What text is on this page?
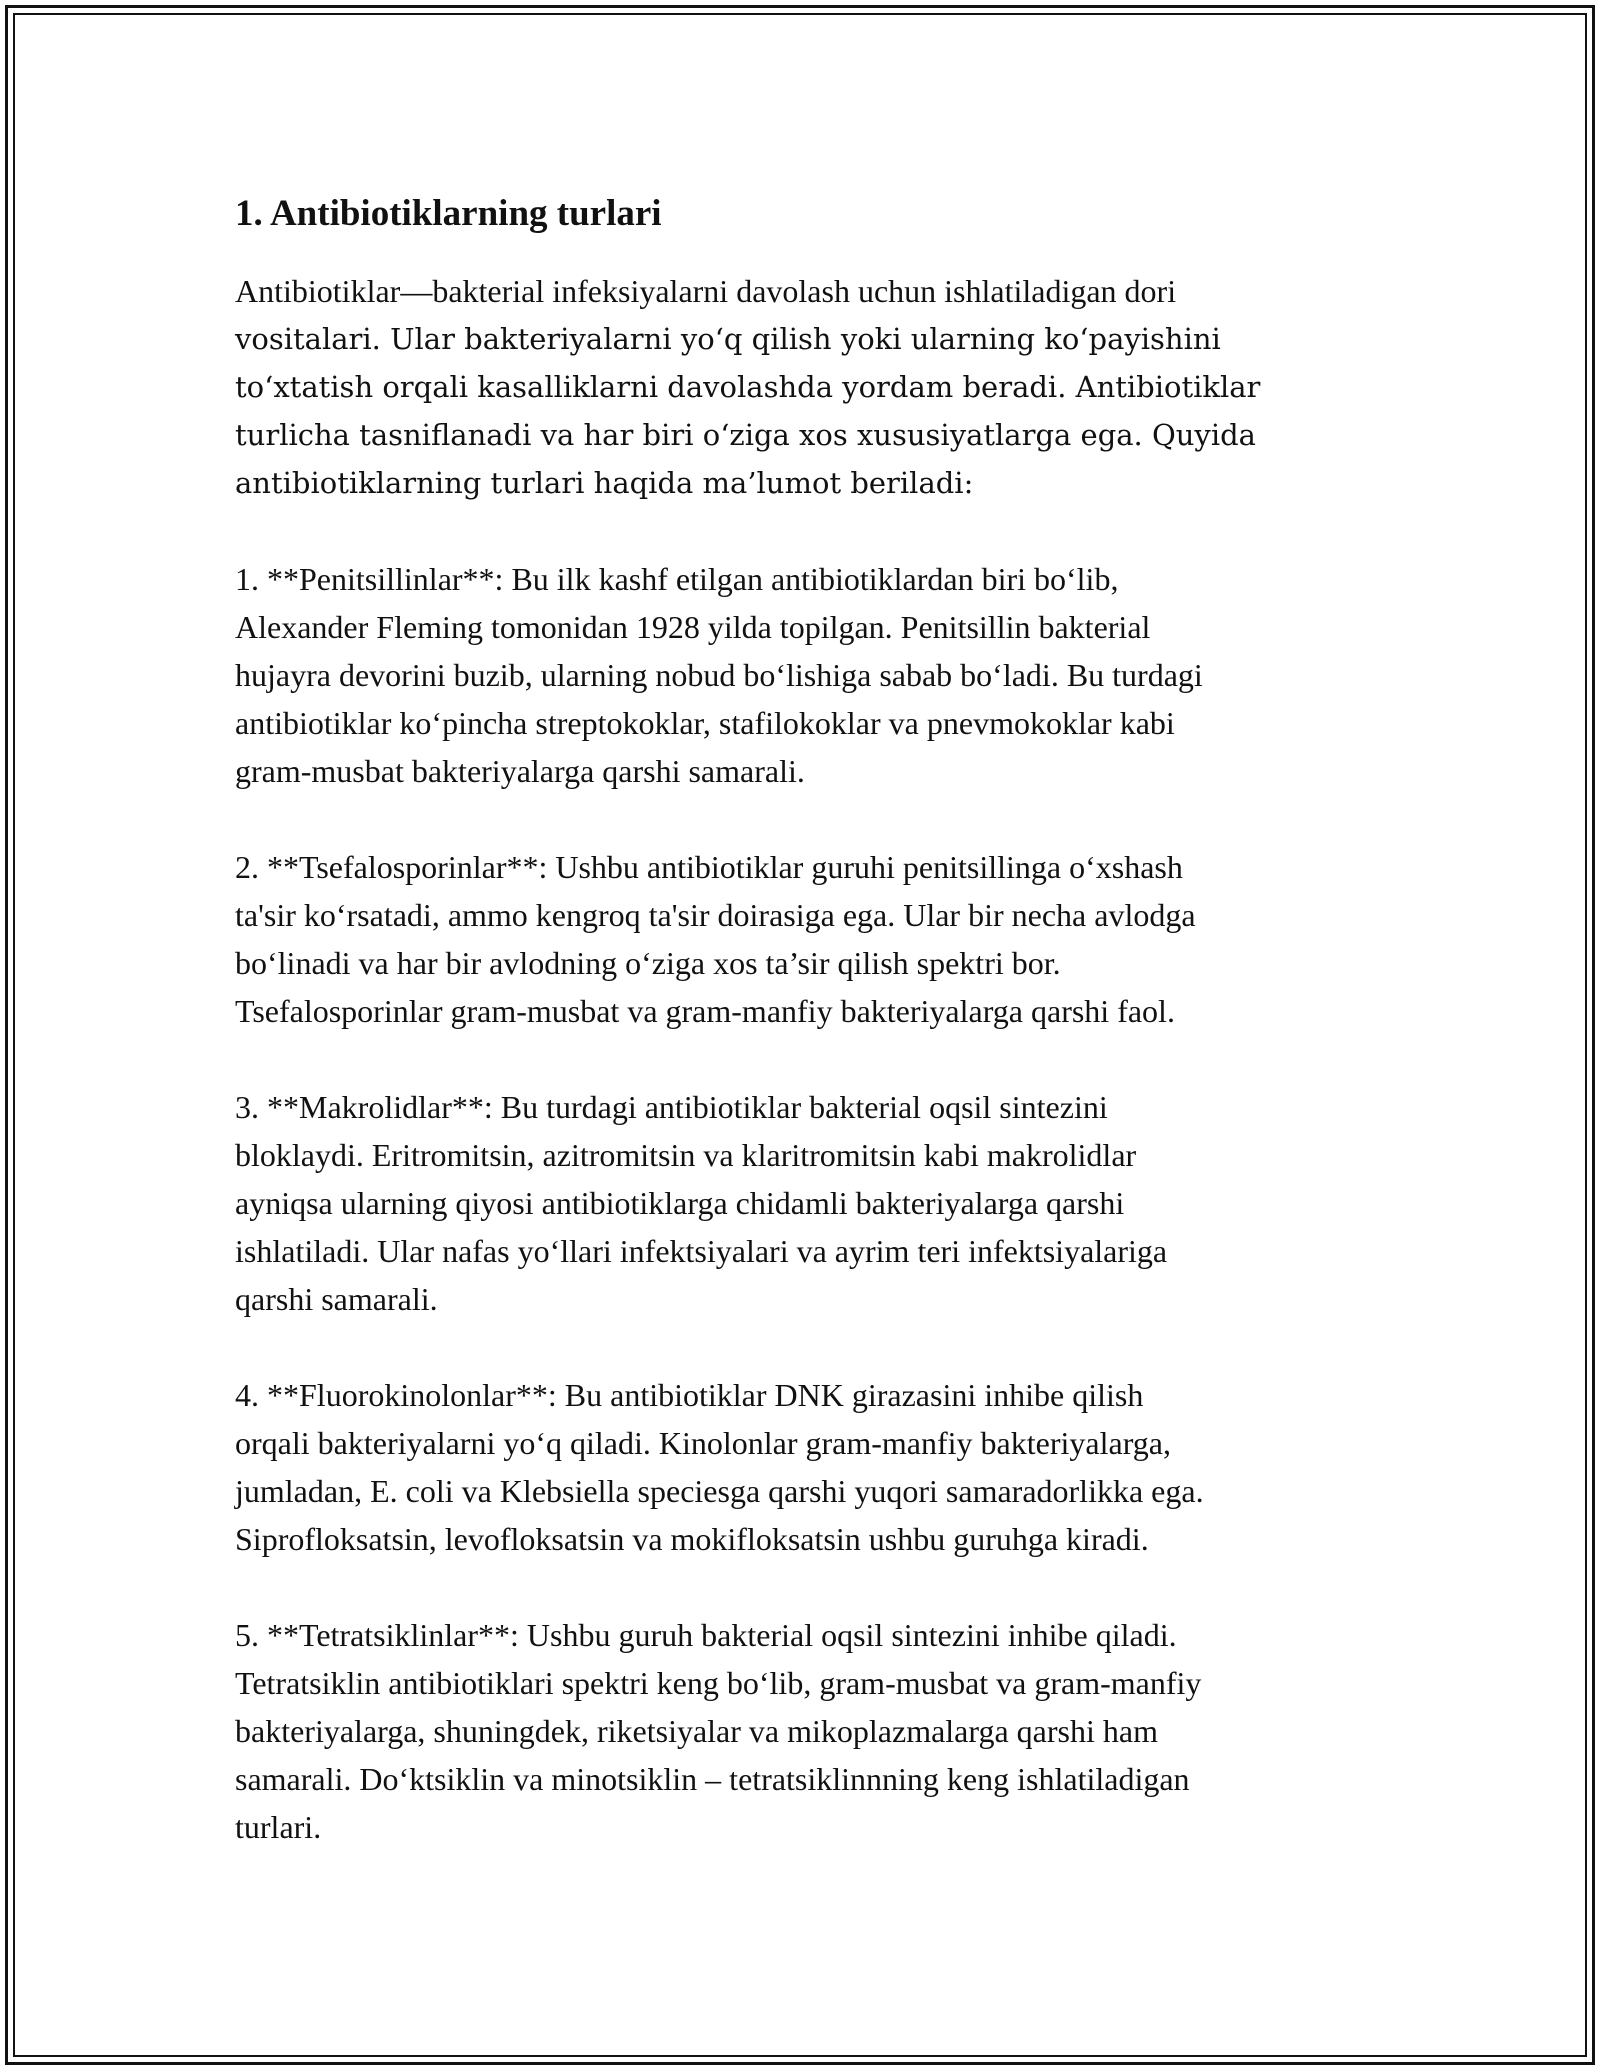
1. Antibiotiklarning turlari
Antibiotiklar—bakterial infeksiyalarni davolash uchun ishlatiladigan dori
vositalari. Ular bakteriyalarni yo‘q qilish yoki ularning ko‘payishini
to‘xtatish orqali kasalliklarni davolashda yordam beradi. Antibiotiklar
turlicha tasniflanadi va har biri o‘ziga xos xususiyatlarga ega. Quyida
antibiotiklarning turlari haqida ma’lumot beriladi:
1. **Penitsillinlar**: Bu ilk kashf etilgan antibiotiklardan biri bo‘lib,
Alexander Fleming tomonidan 1928 yilda topilgan. Penitsillin bakterial
hujayra devorini buzib, ularning nobud bo‘lishiga sabab bo‘ladi. Bu turdagi
antibiotiklar ko‘pincha streptokoklar, stafilokoklar va pnevmokoklar kabi
gram-musbat bakteriyalarga qarshi samarali.
2. **Tsefalosporinlar**: Ushbu antibiotiklar guruhi penitsillinga o‘xshash
ta'sir ko‘rsatadi, ammo kengroq ta'sir doirasiga ega. Ular bir necha avlodga
bo‘linadi va har bir avlodning o‘ziga xos ta’sir qilish spektri bor.
Tsefalosporinlar gram-musbat va gram-manfiy bakteriyalarga qarshi faol.
3. **Makrolidlar**: Bu turdagi antibiotiklar bakterial oqsil sintezini
bloklaydi. Eritromitsin, azitromitsin va klaritromitsin kabi makrolidlar
ayniqsa ularning qiyosi antibiotiklarga chidamli bakteriyalarga qarshi
ishlatiladi. Ular nafas yo‘llari infektsiyalari va ayrim teri infektsiyalariga
qarshi samarali.
4. **Fluorokinolonlar**: Bu antibiotiklar DNK girazasini inhibe qilish
orqali bakteriyalarni yo‘q qiladi. Kinolonlar gram-manfiy bakteriyalarga,
jumladan, E. coli va Klebsiella speciesga qarshi yuqori samaradorlikka ega.
Siprofloksatsin, levofloksatsin va mokifloksatsin ushbu guruhga kiradi.
5. **Tetratsiklinlar**: Ushbu guruh bakterial oqsil sintezini inhibe qiladi.
Tetratsiklin antibiotiklari spektri keng bo‘lib, gram-musbat va gram-manfiy
bakteriyalarga, shuningdek, riketsiyalar va mikoplazmalarga qarshi ham
samarali. Do‘ktsiklin va minotsiklin – tetratsiklinnning keng ishlatiladigan
turlari.
